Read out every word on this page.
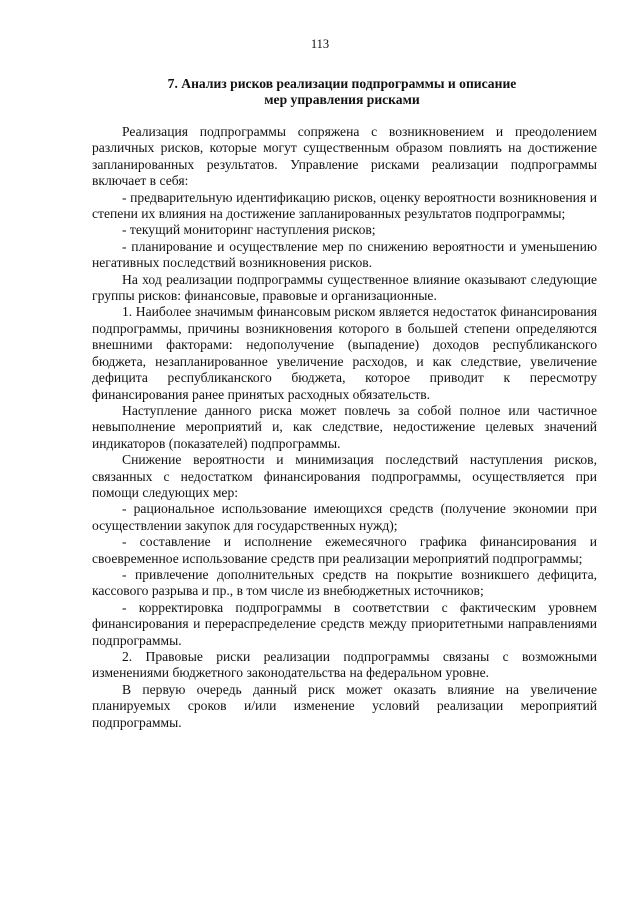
113
7. Анализ рисков реализации подпрограммы и описание
мер управления рисками

Реализация подпрограммы сопряжена с возникновением и преодолением различных рисков, которые могут существенным образом повлиять на достижение запланированных результатов. Управление рисками реализации подпрограммы включает в себя:

- предварительную идентификацию рисков, оценку вероятности возникновения и степени их влияния на достижение запланированных результатов подпрограммы;

- текущий мониторинг наступления рисков;

- планирование и осуществление мер по снижению вероятности и уменьшению негативных последствий возникновения рисков.

На ход реализации подпрограммы существенное влияние оказывают следующие группы рисков: финансовые, правовые и организационные.

1. Наиболее значимым финансовым риском является недостаток финансирования подпрограммы, причины возникновения которого в большей степени определяются внешними факторами: недополучение (выпадение) доходов республиканского бюджета, незапланированное увеличение расходов, и как следствие, увеличение дефицита республиканского бюджета, которое приводит к пересмотру финансирования ранее принятых расходных обязательств.

Наступление данного риска может повлечь за собой полное или частичное невыполнение мероприятий и, как следствие, недостижение целевых значений индикаторов (показателей) подпрограммы.

Снижение вероятности и минимизация последствий наступления рисков, связанных с недостатком финансирования подпрограммы, осуществляется при помощи следующих мер:

- рациональное использование имеющихся средств (получение экономии при осуществлении закупок для государственных нужд);

- составление и исполнение ежемесячного графика финансирования и своевременное использование средств при реализации мероприятий подпрограммы;

- привлечение дополнительных средств на покрытие возникшего дефицита, кассового разрыва и пр., в том числе из внебюджетных источников;

- корректировка подпрограммы в соответствии с фактическим уровнем финансирования и перераспределение средств между приоритетными направлениями подпрограммы.

2. Правовые риски реализации подпрограммы связаны с возможными изменениями бюджетного законодательства на федеральном уровне.

В первую очередь данный риск может оказать влияние на увеличение планируемых сроков и/или изменение условий реализации мероприятий подпрограммы.
